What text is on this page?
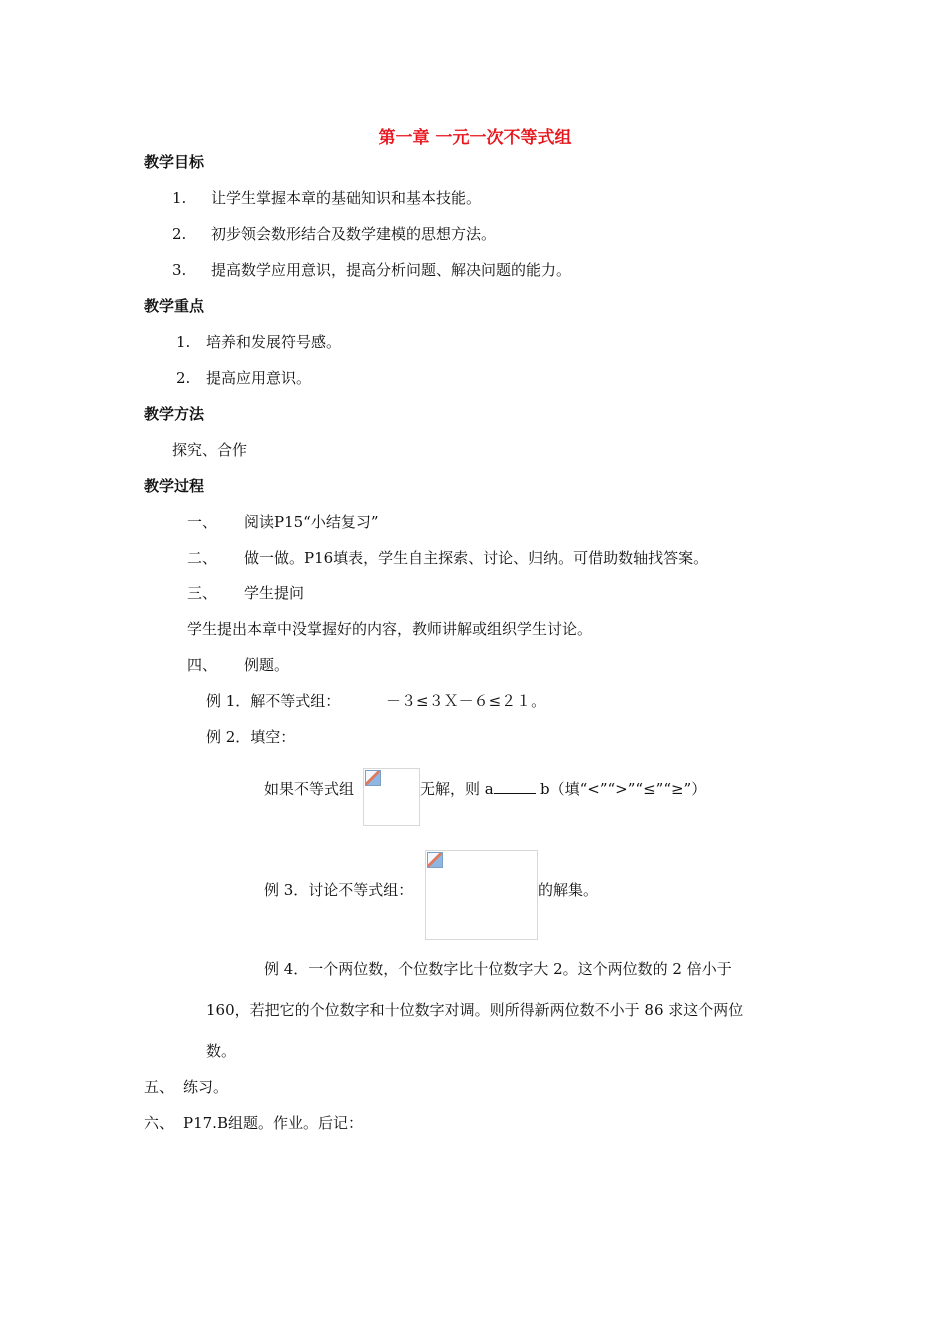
第一章 一元一次不等式组
教学目标
1. 让学生掌握本章的基础知识和基本技能。
2. 初步领会数形结合及数学建模的思想方法。
3. 提高数学应用意识，提高分析问题、解决问题的能力。
教学重点
1. 培养和发展符号感。
2. 提高应用意识。
教学方法
探究、合作
教学过程
一、 阅读P15“小结复习”
二、 做一做。P16填表，学生自主探索、讨论、归纳。可借助数轴找答案。
三、 学生提问
学生提出本章中没掌握好的内容，教师讲解或组织学生讨论。
四、 例题。
例 1．解不等式组：	－３≤３Ｘ－６≤２１。
例 2．填空：
如果不等式组	无解，则 a	b（填“<”“>”“≤”“≥”）
例 3．讨论不等式组：	的解集。
例 4．一个两位数，个位数字比十位数字大 2。这个两位数的 2 倍小于
160，若把它的个位数字和十位数字对调。则所得新两位数不小于 86 求这个两位
数。
五、 练习。
六、 P17.B组题。作业。后记：
